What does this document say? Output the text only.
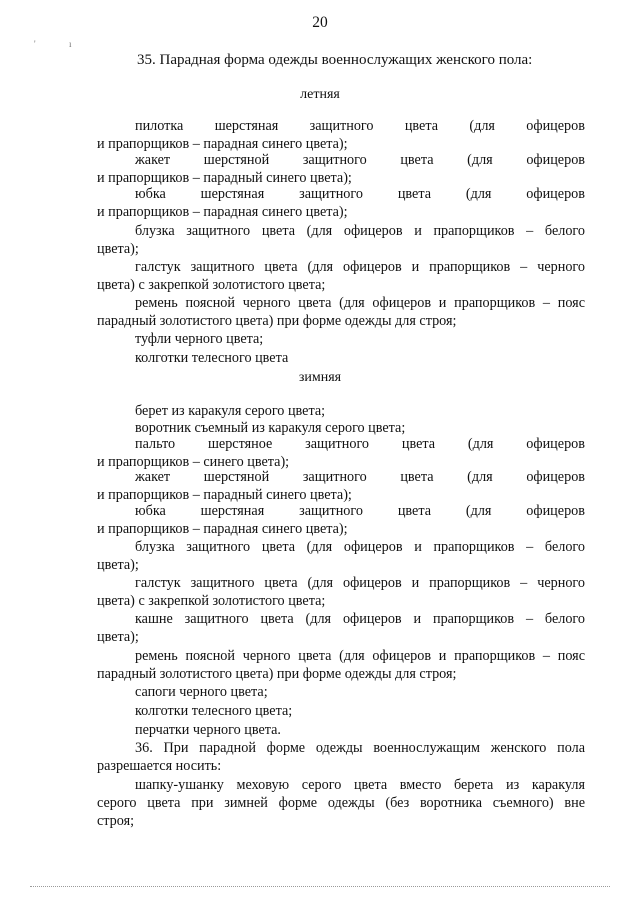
20
'	ı
35. Парадная форма одежды военнослужащих женского пола:
летняя
пилотка шерстяная защитного цвета (для офицеров
и прапорщиков – парадная синего цвета);
жакет шерстяной защитного цвета (для офицеров
и прапорщиков – парадный синего цвета);
юбка шерстяная защитного цвета (для офицеров
и прапорщиков – парадная синего цвета);
блузка защитного цвета (для офицеров и прапорщиков – белого
цвета);
галстук защитного цвета (для офицеров и прапорщиков – черного
цвета) с закрепкой золотистого цвета;
ремень поясной черного цвета (для офицеров и прапорщиков – пояс
парадный золотистого цвета) при форме одежды для строя;
туфли черного цвета;
колготки телесного цвета
зимняя
берет из каракуля серого цвета;
воротник съемный из каракуля серого цвета;
пальто шерстяное защитного цвета (для офицеров
и прапорщиков – синего цвета);
жакет шерстяной защитного цвета (для офицеров
и прапорщиков – парадный синего цвета);
юбка шерстяная защитного цвета (для офицеров
и прапорщиков – парадная синего цвета);
блузка защитного цвета (для офицеров и прапорщиков – белого
цвета);
галстук защитного цвета (для офицеров и прапорщиков – черного
цвета) с закрепкой золотистого цвета;
кашне защитного цвета (для офицеров и прапорщиков – белого
цвета);
ремень поясной черного цвета (для офицеров и прапорщиков – пояс
парадный золотистого цвета) при форме одежды для строя;
сапоги черного цвета;
колготки телесного цвета;
перчатки черного цвета.
36. При парадной форме одежды военнослужащим женского пола
разрешается носить:
шапку-ушанку меховую серого цвета вместо берета из каракуля
серого цвета при зимней форме одежды (без воротника съемного) вне
строя;
